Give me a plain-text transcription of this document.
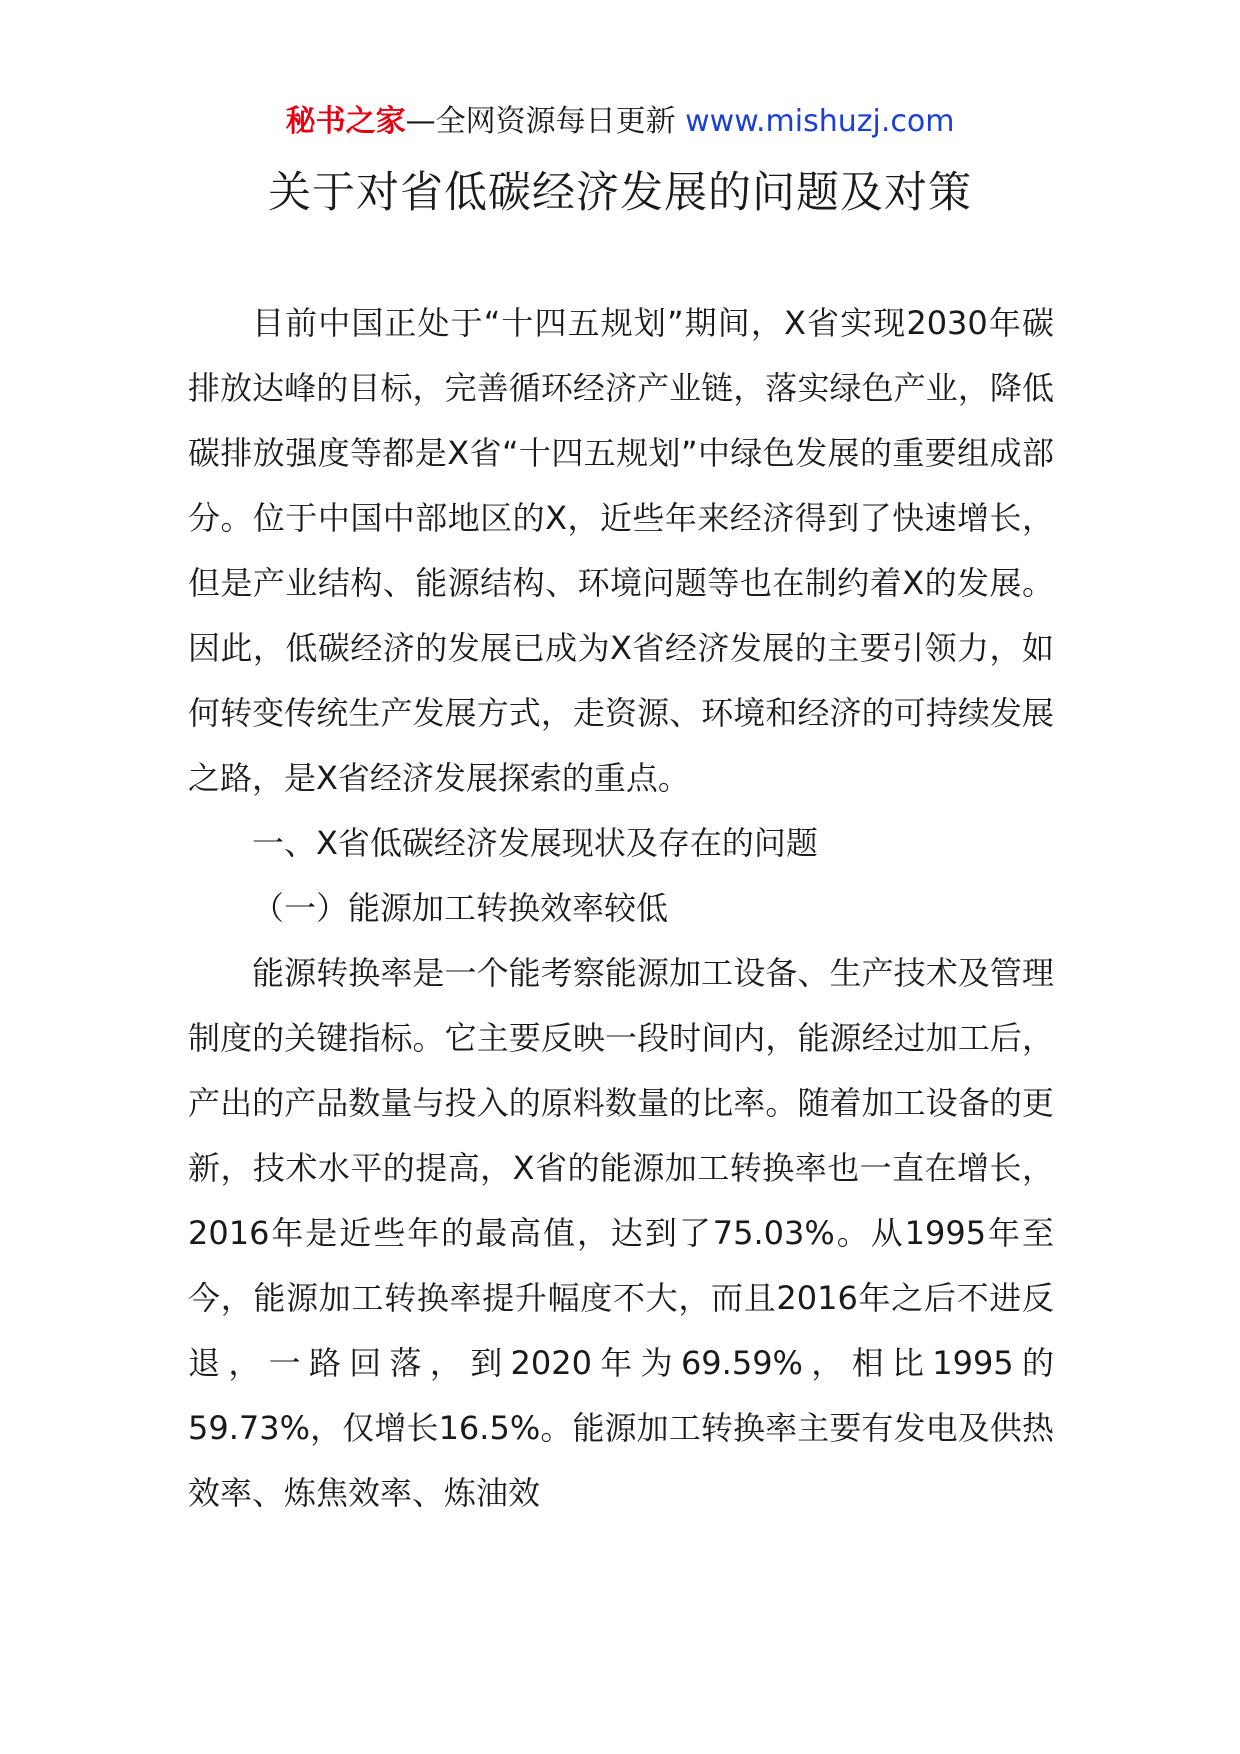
秘书之家—全网资源每日更新 www.mishuzj.com
关于对省低碳经济发展的问题及对策

目前中国正处于“十四五规划”期间，X省实现2030年碳排放达峰的目标，完善循环经济产业链，落实绿色产业，降低碳排放强度等都是X省“十四五规划”中绿色发展的重要组成部分。位于中国中部地区的X，近些年来经济得到了快速增长，但是产业结构、能源结构、环境问题等也在制约着X的发展。因此，低碳经济的发展已成为X省经济发展的主要引领力，如何转变传统生产发展方式，走资源、环境和经济的可持续发展之路，是X省经济发展探索的重点。

一、X省低碳经济发展现状及存在的问题

（一）能源加工转换效率较低

能源转换率是一个能考察能源加工设备、生产技术及管理制度的关键指标。它主要反映一段时间内，能源经过加工后，产出的产品数量与投入的原料数量的比率。随着加工设备的更新，技术水平的提高，X省的能源加工转换率也一直在增长，2016年是近些年的最高值，达到了75.03%。从1995年至今，能源加工转换率提升幅度不大，而且2016年之后不进反退，一路回落，到2020年为69.59%，相比1995的59.73%，仅增长16.5%。能源加工转换率主要有发电及供热效率、炼焦效率、炼油效
